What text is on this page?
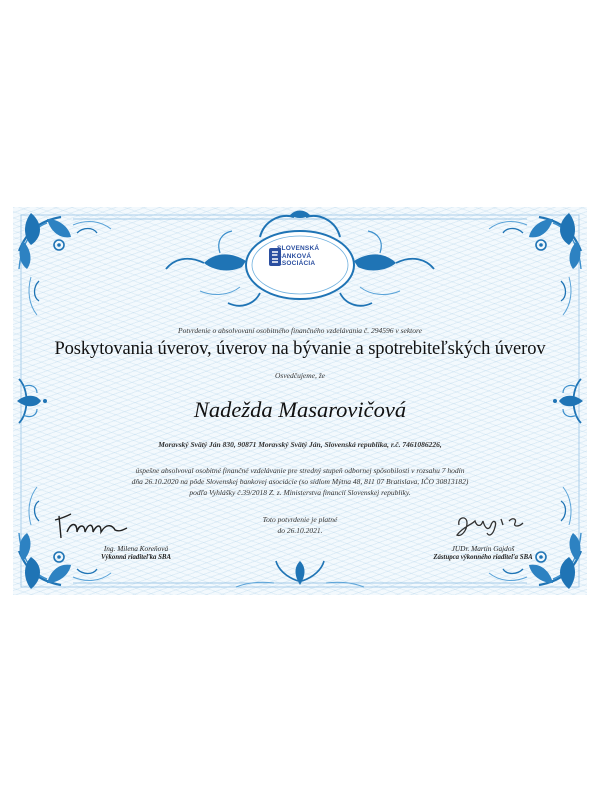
SLOVENSKÁ
BANKOVÁ
ASOCIÁCIA
Potvrdenie o absolvovaní osobitného finančného vzdelávania č. 294596 v sektore
Poskytovania úverov, úverov na bývanie a spotrebiteľských úverov
Osvedčujeme, že
Nadežda Masarovičová
Moravský Svätý Ján 830, 90871 Moravský Svätý Ján, Slovenská republika, r.č. 7461086226,
úspešne absolvoval osobitné finančné vzdelávanie pre stredný stupeň odbornej spôsobilosti v rozsahu 7 hodín
dňa 26.10.2020 na pôde Slovenskej bankovej asociácie (so sídlom Mýtna 48, 811 07 Bratislava, IČO 30813182)
podľa Vyhlášky č.39/2018 Z. z. Ministerstva financií Slovenskej republiky.
Toto potvrdenie je platné
do 26.10.2021.
Ing. Milena Koreňová
Výkonná riaditeľka SBA
JUDr. Martin Gajdoš
Zástupca výkonného riaditeľa SBA
